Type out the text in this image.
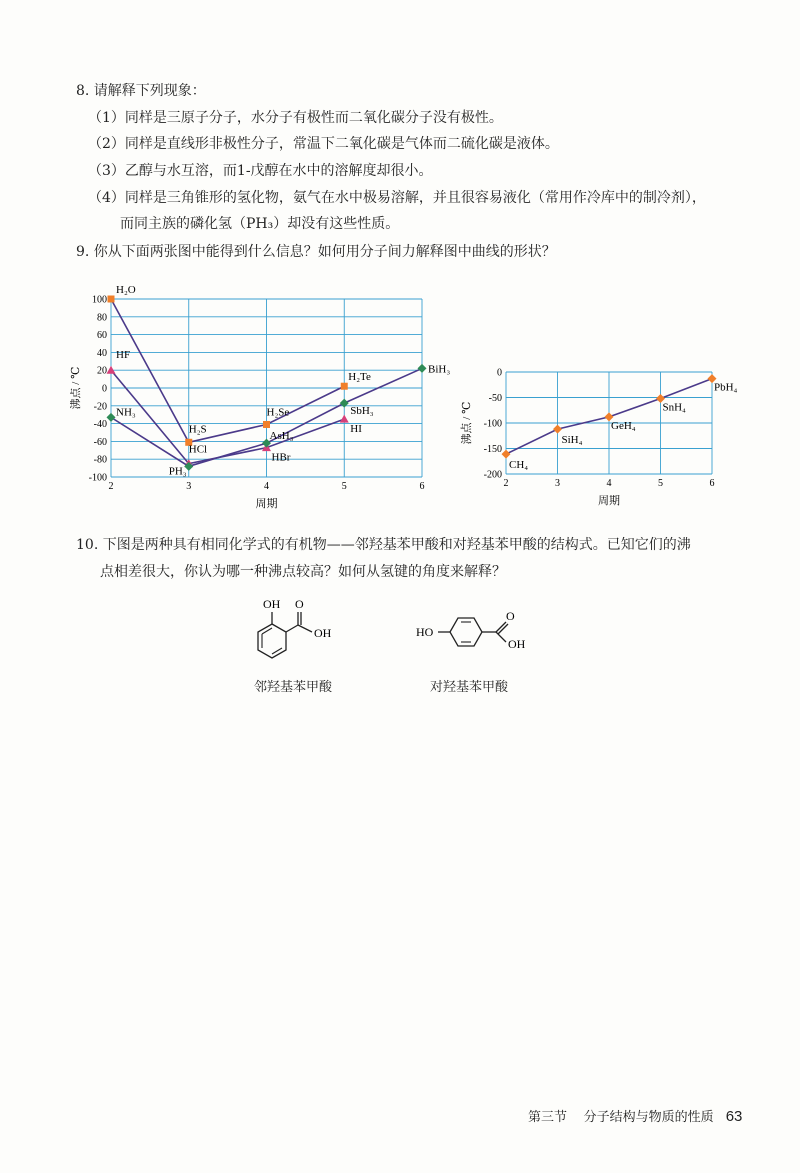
8. 请解释下列现象：
（1）同样是三原子分子，水分子有极性而二氧化碳分子没有极性。
（2）同样是直线形非极性分子，常温下二氧化碳是气体而二硫化碳是液体。
（3）乙醇与水互溶，而1-戊醇在水中的溶解度却很小。
（4）同样是三角锥形的氢化物，氨气在水中极易溶解，并且很容易液化（常用作冷库中的制冷剂），
而同主族的磷化氢（PH₃）却没有这些性质。
9. 你从下面两张图中能得到什么信息？如何用分子间力解释图中曲线的形状？
-100
-80
-60
-40
-20
0
20
40
60
80
100
2	3	4	5	6
周期
沸点 / ℃
H₂O
H₂S
H₂Se
H₂Te
HF
HCl
HBr
HI
NH₃
PH₃
AsH₃
SbH₃
BiH₃
-200
-150
-100
-50
0
2	3	4	5	6
周期
沸点 / ℃
CH₄
SiH₄
GeH₄
SnH₄
PbH₄
10. 下图是两种具有相同化学式的有机物——邻羟基苯甲酸和对羟基苯甲酸的结构式。已知它们的沸
点相差很大，你认为哪一种沸点较高？如何从氢键的角度来解释？
OH O
OH	HO
O
OH
邻羟基苯甲酸	对羟基苯甲酸
第三节 分子结构与物质的性质 63
